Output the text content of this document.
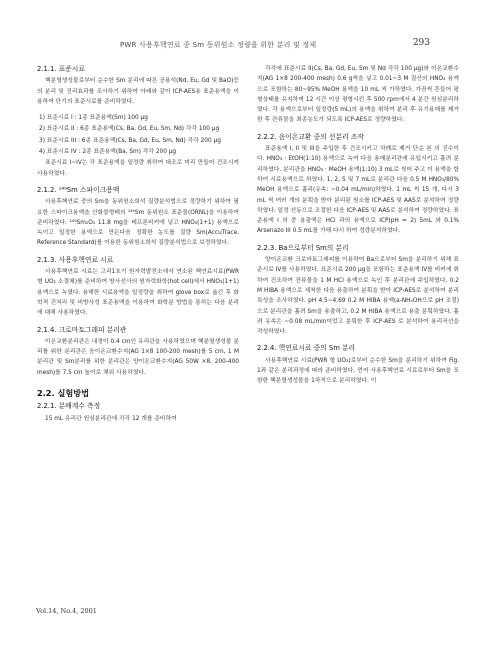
PWR 사용후핵연료 중 Sm 동위원소 정량을 위한 분리 및 정제	293
2.1.1. 표준시료
핵분열생성물로부터 순수한 Sm 분리에 따른 공용석(Nd, Eu, Gd 및 BaO)등의 분리 및 진리효과를 조사하기 위하여 아래와 같이 ICP-AES용 표준용액을 이용하여 단기의 표준시료를 준비하였다.
1) 표준시료 I : 1종 표준용액(Sm) 100 μg
2) 표준시료 II : 6종 표준용액(Cs, Ba, Gd, Eu, Sm, Nd) 각각 100 μg
3) 표준시료 III : 6종 표준용액(Cs, Ba, Gd, Eu, Sm, Nd) 각각 200 μg
4) 표준시료 IV : 2종 표준용액(Ba, Sm) 각각 200 μg
표준시료 I~IV는 각 표준용액을 일정량 취하여 대조로 미리 만들어 건조시켜 사용하였다.
2.1.2. ¹⁴⁹Sm 스파이크용액
사용후핵연료 중의 Sm을 동위원소희석 질량분석법으로 정량하기 위하여 필요한 스파이크용액을 산화물형태의 ¹⁴⁹Sm 동위원소 표준물(ORNL)을 이용하여 준비하였다. ¹⁴⁹Sm₂O₃ 11.8 mg을 테프론비커에 넣고 HNO₃(1+1) 용액으로 녹이고 일정한 용액으로 만든다음 정확한 농도를 질량 Sm(AccuTrace. Reference Standard)를 이용한 동위원소희석 질량분석법으로 보정하였다.
2.1.3. 사용후핵연료 시료
사용후핵연료 시료는 고리1호기 원자력발전소에서 연소된 핵연료시료(PWR형 UO₂ 소결체)를 준비하여 방사선사의 원자력화학(hot cell)에서 HNO₃(1+1) 용액으로 녹였다. 용해한 시료용액을 일정량을 취하여 glove box로 옮긴 후 화학적 진처리 및 비방사성 표준용액을 이용하여 화학분 방법을 통하는 다음 분리에 대해 사용하였다.
2.1.4. 크로마토그래피 분리관
이온교환분리관은 내경이 0.4 cm인 유리관을 사용하였으며 핵분열생성물 분리를 위한 분리관은 음이온교환수지(AG 1×8 100-200 mesh)를 5 cm, 1 M 분리관 및 Sm분리를 위한 분리관은 양이온교환수지(AG 50W ×8, 200-400 mesh)를 7.5 cm 높이로 채워 사용하였다.
2.2. 실험방법
2.2.1. 분배계수 측정
15 mL 유리관 원심분리관에 각각 12 개를 준비하여
각각에 표준시료 II(Cs, Ba, Gd, Eu, Sm 및 Nd 각각 100 μg)와 이온교환수지(AG 1×8 200-400 mesh) 0.6 g씩을 넣고 0.01~3 M 질산의 HNO₃ 용액으로 포함하는 80~95% MeOH 용액을 10 mL 씩 가하였다. 가끔씩 흔들어 평형상태를 유지하며 12 시간 이상 평형시킨 후 500 rpm에서 4 분간 원심분리하였다. 각 용액으로부터 일정량(5 mL)의 용액을 취하여 분리 후 유기용매를 제거한 후 잔류물을 최종농도가 되도록 ICP-AES로 정량하였다.
2.2.2. 음이온교환 중의 선분리 조작
표준용액 I, II 및 III을 주입한 후 건조시키고 차례로 제거 단순 본 의 진수이다. HNO₃ · EtOH(1:10) 용액으로 녹여 다음 용매분리관에 유입시키고 흘려 분리하였다. 분리관을 HNO₃ · MeOH 용액(1:10) 3 mL로 씻어 주고 이 용액을 합하여 시료용액으로 하였다. 1, 2, 5 및 7 mL로 분리관 다음 0.5 M HNO₃/80% MeOH 용액으로 흘리(유속: ~0.04 mL/min)하였다. 1 mL 씩 15 개, 다시 3 mL 씩 여러 개의 분획을 받아 분리된 원소를 ICP-AES 및 AAS로 분석하여 정량하였다. 일정 선동으로 조절한 다음 ICP-AES 및 AAS로 분석하여 정량하였다. 표준용액 I 의 중 용출액은 HCl 과의 용액으로 ICP(pH = 2) 5mL 와 0.1% Arsenazo III 0.5 mL를 가해 다시 하여 정량분석하였다.
2.2.3. Ba으로부터 Sm의 분리
양이온교환 크로마토그래피를 이용하여 Ba으로부터 Sm을 분리하기 위해 표준시료 IV를 사용하였다. 표준시료 200 μg을 포함하는 표준용액 IV를 비커에 취하여 건조하여 잔류물을 1 M HCl 용액으로 녹인 후 분리관에 주입하였다. 0.2 M HIBA 용액으로 세척한 다음 용출하여 분획을 받아 ICP-AES로 분석하여 분리 특성을 조사하였다. pH 4.5~4.69 0.2 M HIBA 용액(a-NH₄OH으로 pH 조절)으로 분리관을 흘려 Sm을 용출하고, 0.2 M HIBA 용액으로 용출 분획하였다. 흘려 유속은 ~0.08 mL/min이었고 분획한 후 ICP-AES 로 분석하여 용리곡선을 작성하였다.
2.2.4. 핵연료시료 중의 Sm 분리
사용후핵연료 시료(PWR 형 UO₂)로부터 순수한 Sm을 분리하기 위하여 Fig. 1과 같은 분리과정에 따라 준비하였다. 먼저 사용후핵연료 시료로부터 Sm을 포함한 핵분열생성물을 1차적으로 분리하였다. 이
Vol.14, No.4, 2001
